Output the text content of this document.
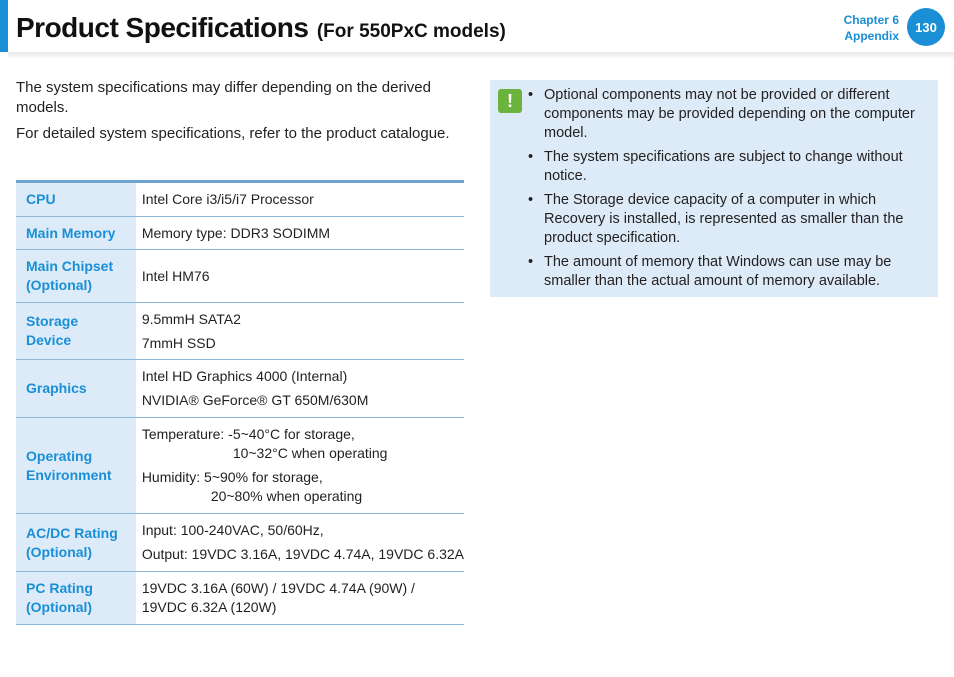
Product Specifications (For 550PxC models)
Chapter 6
Appendix
130

The system specifications may differ depending on the derived models.

For detailed system specifications, refer to the product catalogue.

CPU	Intel Core i3/i5/i7 Processor

Main Memory	Memory type: DDR3 SODIMM

Main Chipset (Optional)	Intel HM76

Storage Device	9.5mmH SATA2
7mmH SSD

Graphics	Intel HD Graphics 4000 (Internal)
NVIDIA® GeForce® GT 650M/630M

Operating Environment	Temperature: -5~40°C for storage,
10~32°C when operating
Humidity: 5~90% for storage,
20~80% when operating

AC/DC Rating (Optional)	Input: 100-240VAC, 50/60Hz,
Output: 19VDC 3.16A, 19VDC 4.74A, 19VDC 6.32A

PC Rating (Optional)	19VDC 3.16A (60W) / 19VDC 4.74A (90W) /
19VDC 6.32A (120W)
!	• Optional components may not be provided or different components may be provided depending on the computer model.
• The system specifications are subject to change without notice.
• The Storage device capacity of a computer in which Recovery is installed, is represented as smaller than the product specification.
• The amount of memory that Windows can use may be smaller than the actual amount of memory available.
